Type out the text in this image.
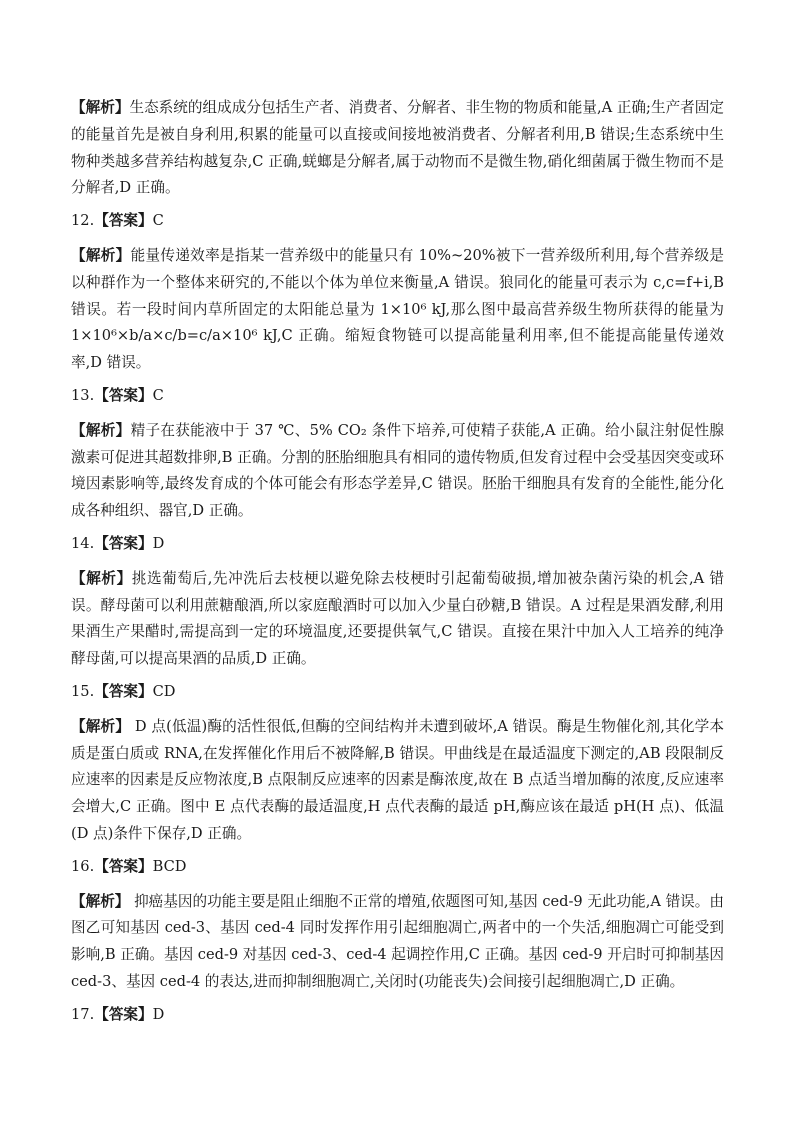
【解析】生态系统的组成成分包括生产者、消费者、分解者、非生物的物质和能量,A 正确;生产者固定的能量首先是被自身利用,积累的能量可以直接或间接地被消费者、分解者利用,B 错误;生态系统中生物种类越多营养结构越复杂,C 正确,蜣螂是分解者,属于动物而不是微生物,硝化细菌属于微生物而不是分解者,D 正确。

12.【答案】C

【解析】能量传递效率是指某一营养级中的能量只有 10%~20%被下一营养级所利用,每个营养级是以种群作为一个整体来研究的,不能以个体为单位来衡量,A 错误。狼同化的能量可表示为 c,c=f+i,B 错误。若一段时间内草所固定的太阳能总量为 1×10⁶ kJ,那么图中最高营养级生物所获得的能量为 1×10⁶×b/a×c/b=c/a×10⁶ kJ,C 正确。缩短食物链可以提高能量利用率,但不能提高能量传递效率,D 错误。

13.【答案】C

【解析】精子在获能液中于 37 ℃、5% CO₂ 条件下培养,可使精子获能,A 正确。给小鼠注射促性腺激素可促进其超数排卵,B 正确。分割的胚胎细胞具有相同的遗传物质,但发育过程中会受基因突变或环境因素影响等,最终发育成的个体可能会有形态学差异,C 错误。胚胎干细胞具有发育的全能性,能分化成各种组织、器官,D 正确。

14.【答案】D

【解析】挑选葡萄后,先冲洗后去枝梗以避免除去枝梗时引起葡萄破损,增加被杂菌污染的机会,A 错误。酵母菌可以利用蔗糖酿酒,所以家庭酿酒时可以加入少量白砂糖,B 错误。A 过程是果酒发酵,利用果酒生产果醋时,需提高到一定的环境温度,还要提供氧气,C 错误。直接在果汁中加入人工培养的纯净酵母菌,可以提高果酒的品质,D 正确。

15.【答案】CD

【解析】 D 点(低温)酶的活性很低,但酶的空间结构并未遭到破坏,A 错误。酶是生物催化剂,其化学本质是蛋白质或 RNA,在发挥催化作用后不被降解,B 错误。甲曲线是在最适温度下测定的,AB 段限制反应速率的因素是反应物浓度,B 点限制反应速率的因素是酶浓度,故在 B 点适当增加酶的浓度,反应速率会增大,C 正确。图中 E 点代表酶的最适温度,H 点代表酶的最适 pH,酶应该在最适 pH(H 点)、低温(D 点)条件下保存,D 正确。

16.【答案】BCD

【解析】 抑癌基因的功能主要是阻止细胞不正常的增殖,依题图可知,基因 ced-9 无此功能,A 错误。由图乙可知基因 ced-3、基因 ced-4 同时发挥作用引起细胞凋亡,两者中的一个失活,细胞凋亡可能受到影响,B 正确。基因 ced-9 对基因 ced-3、ced-4 起调控作用,C 正确。基因 ced-9 开启时可抑制基因 ced-3、基因 ced-4 的表达,进而抑制细胞凋亡,关闭时(功能丧失)会间接引起细胞凋亡,D 正确。

17.【答案】D
